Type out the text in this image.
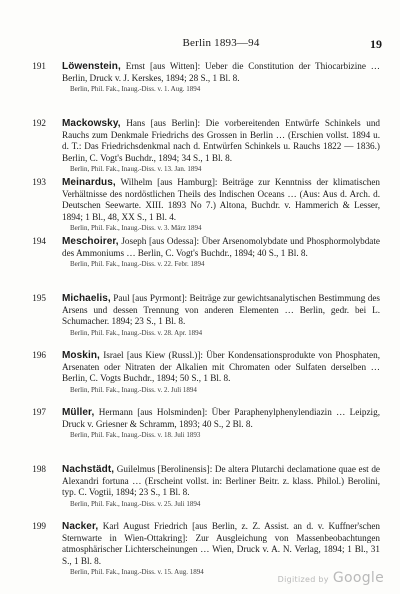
Berlin 1893—94	19
191 Löwenstein, Ernst [aus Witten]: Ueber die Constitution der Thiocarbizine … Berlin, Druck v. J. Kerskes, 1894; 28 S., 1 Bl. 8.
Berlin, Phil. Fak., Inaug.-Diss. v. 1. Aug. 1894
192 Mackowsky, Hans [aus Berlin]: Die vorbereitenden Entwürfe Schinkels und Rauchs zum Denkmale Friedrichs des Grossen in Berlin … (Erschien vollst. 1894 u. d. T.: Das Friedrichsdenkmal nach d. Entwürfen Schinkels u. Rauchs 1822 — 1836.) Berlin, C. Vogt's Buchdr., 1894; 34 S., 1 Bl. 8.
Berlin, Phil. Fak., Inaug.-Diss. v. 13. Jan. 1894
193 Meinardus, Wilhelm [aus Hamburg]: Beiträge zur Kenntniss der klimatischen Verhältnisse des nordöstlichen Theils des Indischen Oceans … (Aus: Aus d. Arch. d. Deutschen Seewarte. XIII. 1893 No 7.) Altona, Buchdr. v. Hammerich & Lesser, 1894; 1 Bl., 48, XX S., 1 Bl. 4.
Berlin, Phil. Fak., Inaug.-Diss. v. 3. März 1894
194 Meschoirer, Joseph [aus Odessa]: Über Arsenomolybdate und Phosphormolybdate des Ammoniums … Berlin, C. Vogt's Buchdr., 1894; 40 S., 1 Bl. 8.
Berlin, Phil. Fak., Inaug.-Diss. v. 22. Febr. 1894
195 Michaelis, Paul [aus Pyrmont]: Beiträge zur gewichtsanalytischen Bestimmung des Arsens und dessen Trennung von anderen Elementen … Berlin, gedr. bei L. Schumacher. 1894; 23 S., 1 Bl. 8.
Berlin, Phil. Fak., Inaug.-Diss. v. 28. Apr. 1894
196 Moskin, Israel [aus Kiew (Russl.)]: Über Kondensationsprodukte von Phosphaten, Arsenaten oder Nitraten der Alkalien mit Chromaten oder Sulfaten derselben … Berlin, C. Vogts Buchdr., 1894; 50 S., 1 Bl. 8.
Berlin, Phil. Fak., Inaug.-Diss. v. 2. Juli 1894
197 Müller, Hermann [aus Holsminden]: Über Paraphenylphenylendiazin … Leipzig, Druck v. Griesner & Schramm, 1893; 40 S., 2 Bl. 8.
Berlin, Phil. Fak., Inaug.-Diss. v. 18. Juli 1893
198 Nachstädt, Guilelmus [Berolinensis]: De altera Plutarchi declamatione quae est de Alexandri fortuna … (Erscheint vollst. in: Berliner Beitr. z. klass. Philol.) Berolini, typ. C. Vogtii, 1894; 23 S., 1 Bl. 8.
Berlin, Phil. Fak., Inaug.-Diss. v. 25. Juli 1894
199 Nacker, Karl August Friedrich [aus Berlin, z. Z. Assist. an d. v. Kuffner'schen Sternwarte in Wien-Ottakring]: Zur Ausgleichung von Massenbeobachtungen atmosphärischer Lichterscheinungen … Wien, Druck v. A. N. Verlag, 1894; 1 Bl., 31 S., 1 Bl. 8.
Berlin, Phil. Fak., Inaug.-Diss. v. 15. Aug. 1894
Digitized by Google
